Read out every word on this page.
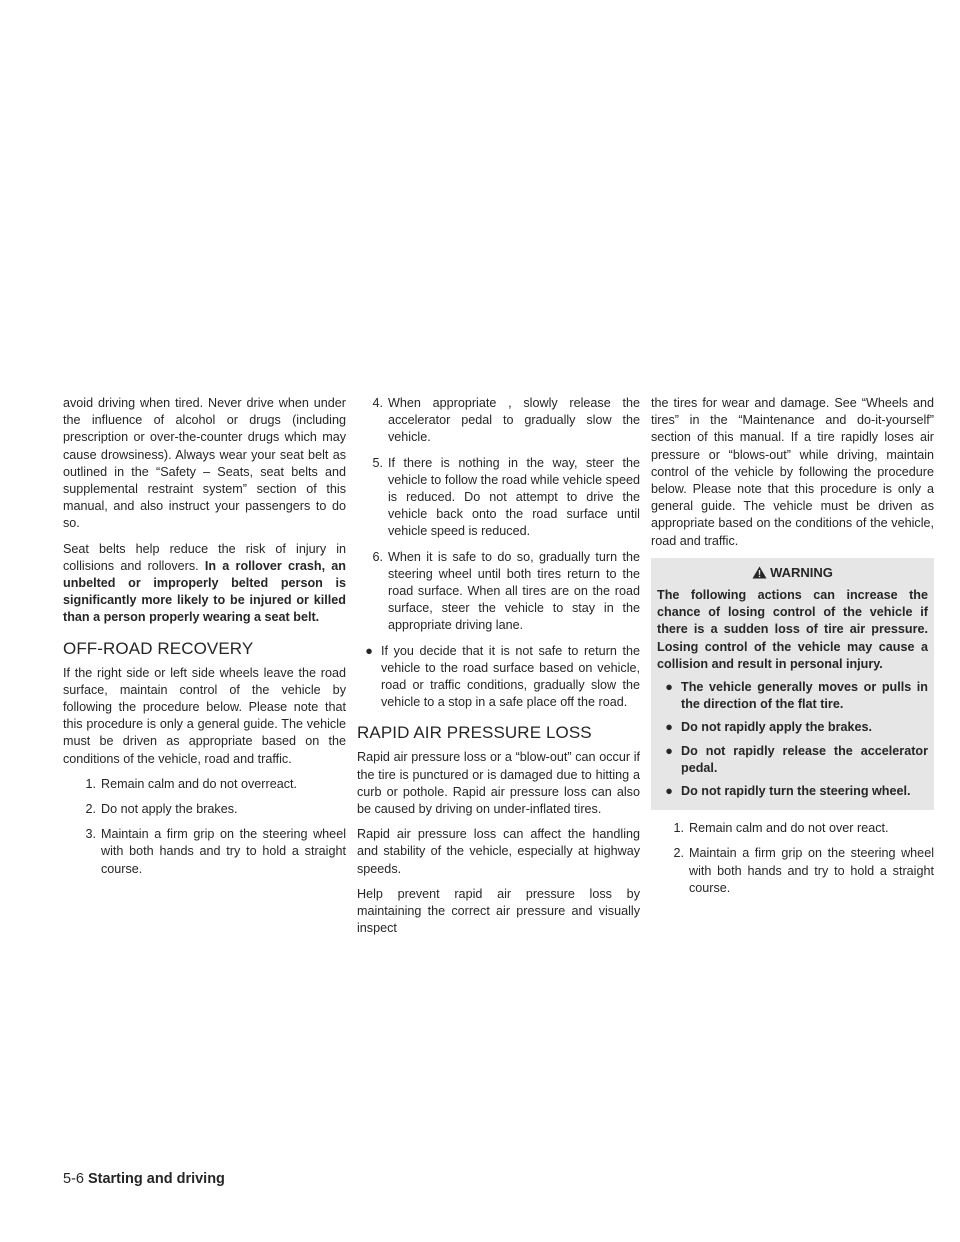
avoid driving when tired. Never drive when under the influence of alcohol or drugs (including prescription or over-the-counter drugs which may cause drowsiness). Always wear your seat belt as outlined in the “Safety – Seats, seat belts and supplemental restraint system” section of this manual, and also instruct your passengers to do so.

Seat belts help reduce the risk of injury in collisions and rollovers. In a rollover crash, an unbelted or improperly belted person is significantly more likely to be injured or killed than a person properly wearing a seat belt.

OFF-ROAD RECOVERY

If the right side or left side wheels leave the road surface, maintain control of the vehicle by following the procedure below. Please note that this procedure is only a general guide. The vehicle must be driven as appropriate based on the conditions of the vehicle, road and traffic.

1. Remain calm and do not overreact.
2. Do not apply the brakes.
3. Maintain a firm grip on the steering wheel with both hands and try to hold a straight course.
4. When appropriate , slowly release the accelerator pedal to gradually slow the vehicle.
5. If there is nothing in the way, steer the vehicle to follow the road while vehicle speed is reduced. Do not attempt to drive the vehicle back onto the road surface until vehicle speed is reduced.
6. When it is safe to do so, gradually turn the steering wheel until both tires return to the road surface. When all tires are on the road surface, steer the vehicle to stay in the appropriate driving lane.
● If you decide that it is not safe to return the vehicle to the road surface based on vehicle, road or traffic conditions, gradually slow the vehicle to a stop in a safe place off the road.
RAPID AIR PRESSURE LOSS

Rapid air pressure loss or a “blow-out” can occur if the tire is punctured or is damaged due to hitting a curb or pothole. Rapid air pressure loss can also be caused by driving on under-inflated tires.

Rapid air pressure loss can affect the handling and stability of the vehicle, especially at highway speeds.

Help prevent rapid air pressure loss by maintaining the correct air pressure and visually inspect

the tires for wear and damage. See “Wheels and tires” in the “Maintenance and do-it-yourself” section of this manual. If a tire rapidly loses air pressure or “blows-out” while driving, maintain control of the vehicle by following the procedure below. Please note that this procedure is only a general guide. The vehicle must be driven as appropriate based on the conditions of the vehicle, road and traffic.

WARNING

The following actions can increase the chance of losing control of the vehicle if there is a sudden loss of tire air pressure. Losing control of the vehicle may cause a collision and result in personal injury.

● The vehicle generally moves or pulls in the direction of the flat tire.
● Do not rapidly apply the brakes.
● Do not rapidly release the accelerator pedal.
● Do not rapidly turn the steering wheel.
1. Remain calm and do not over react.
2. Maintain a firm grip on the steering wheel with both hands and try to hold a straight course.
5-6 Starting and driving
